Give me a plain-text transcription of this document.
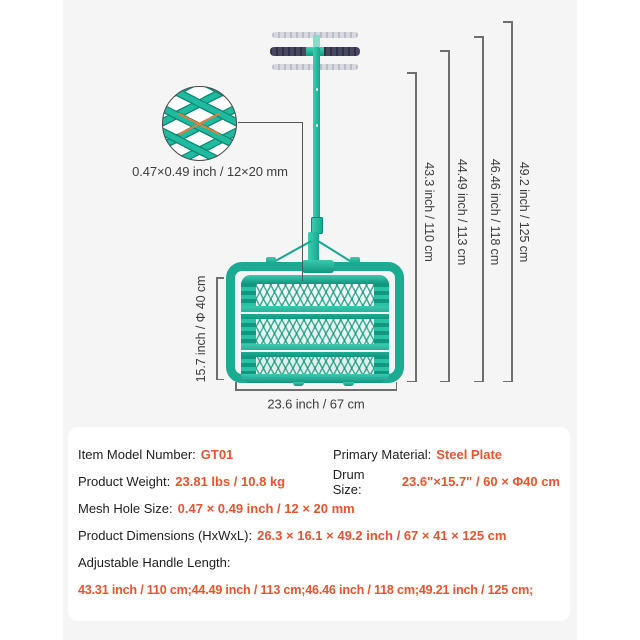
0.47×0.49 inch / 12×20 mm	43.3 inch / 110 cm 44.49 inch / 113 cm 46.46 inch / 118 cm 49.2 inch / 125 cm
15.7 inch / Φ 40 cm
23.6 inch / 67 cm
Item Model Number: GT01	Primary Material: Steel Plate
Product Weight: 23.81 lbs / 10.8 kg	Drum Size:	23.6"×15.7" / 60 × Φ40 cm
Mesh Hole Size: 0.47 × 0.49 inch / 12 × 20 mm
Product Dimensions (HxWxL): 26.3 × 16.1 × 49.2 inch / 67 × 41 × 125 cm
Adjustable Handle Length:
43.31 inch / 110 cm;44.49 inch / 113 cm;46.46 inch / 118 cm;49.21 inch / 125 cm;
